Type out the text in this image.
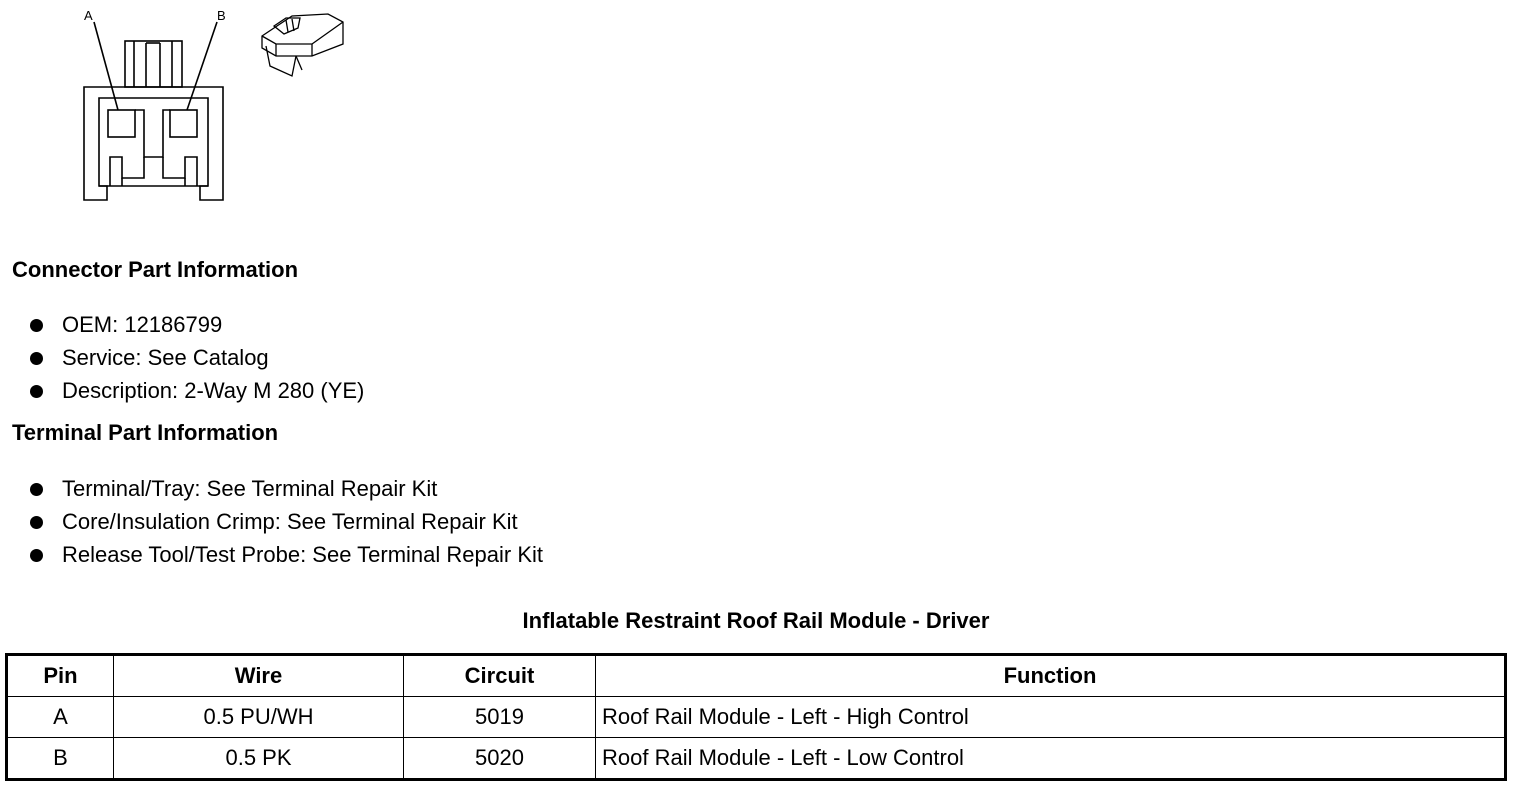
A	B
Connector Part Information
OEM: 12186799
Service: See Catalog
Description: 2-Way M 280 (YE)
Terminal Part Information
Terminal/Tray: See Terminal Repair Kit
Core/Insulation Crimp: See Terminal Repair Kit
Release Tool/Test Probe: See Terminal Repair Kit
Inflatable Restraint Roof Rail Module - Driver
Pin	Wire	Circuit	Function
A	0.5 PU/WH	5019	Roof Rail Module - Left - High Control
B	0.5 PK	5020	Roof Rail Module - Left - Low Control
